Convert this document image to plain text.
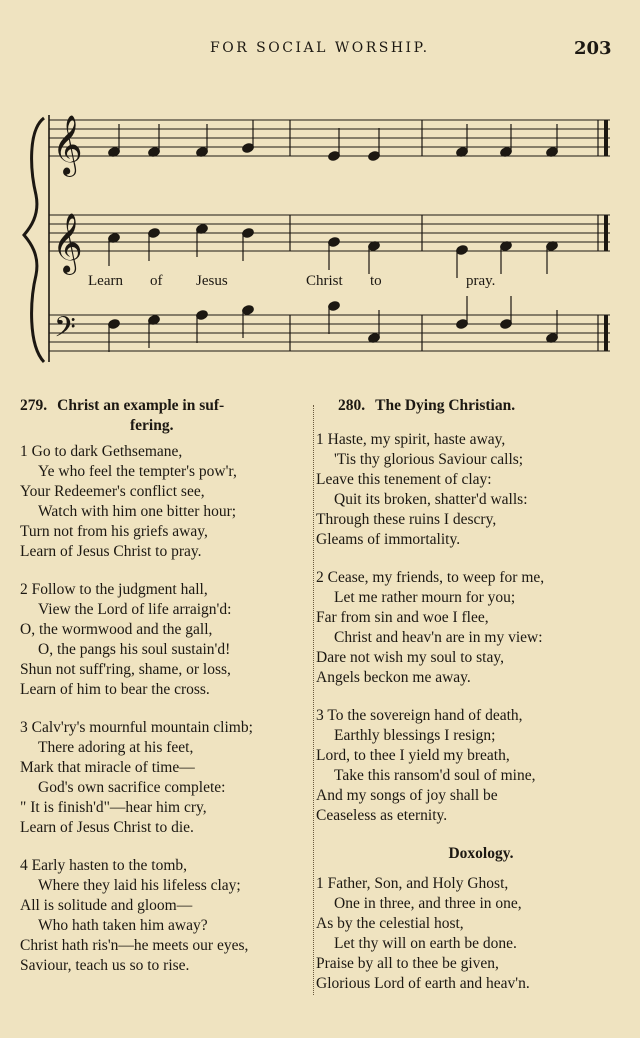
FOR SOCIAL WORSHIP.	203
𝄞
𝄞
𝄢
Learn of Jesus	Christ to	pray.
279. Christ an example in suf-
fering.
1 Go to dark Gethsemane,
Ye who feel the tempter's pow'r,
Your Redeemer's conflict see,
Watch with him one bitter hour;
Turn not from his griefs away,
Learn of Jesus Christ to pray.
2 Follow to the judgment hall,
View the Lord of life arraign'd:
O, the wormwood and the gall,
O, the pangs his soul sustain'd!
Shun not suff'ring, shame, or loss,
Learn of him to bear the cross.
3 Calv'ry's mournful mountain climb;
There adoring at his feet,
Mark that miracle of time—
God's own sacrifice complete:
" It is finish'd"—hear him cry,
Learn of Jesus Christ to die.
4 Early hasten to the tomb,
Where they laid his lifeless clay;
All is solitude and gloom—
Who hath taken him away?
Christ hath ris'n—he meets our eyes,
Saviour, teach us so to rise.
280. The Dying Christian.
1 Haste, my spirit, haste away,
'Tis thy glorious Saviour calls;
Leave this tenement of clay:
Quit its broken, shatter'd walls:
Through these ruins I descry,
Gleams of immortality.
2 Cease, my friends, to weep for me,
Let me rather mourn for you;
Far from sin and woe I flee,
Christ and heav'n are in my view:
Dare not wish my soul to stay,
Angels beckon me away.
3 To the sovereign hand of death,
Earthly blessings I resign;
Lord, to thee I yield my breath,
Take this ransom'd soul of mine,
And my songs of joy shall be
Ceaseless as eternity.
Doxology.
1 Father, Son, and Holy Ghost,
One in three, and three in one,
As by the celestial host,
Let thy will on earth be done.
Praise by all to thee be given,
Glorious Lord of earth and heav'n.
